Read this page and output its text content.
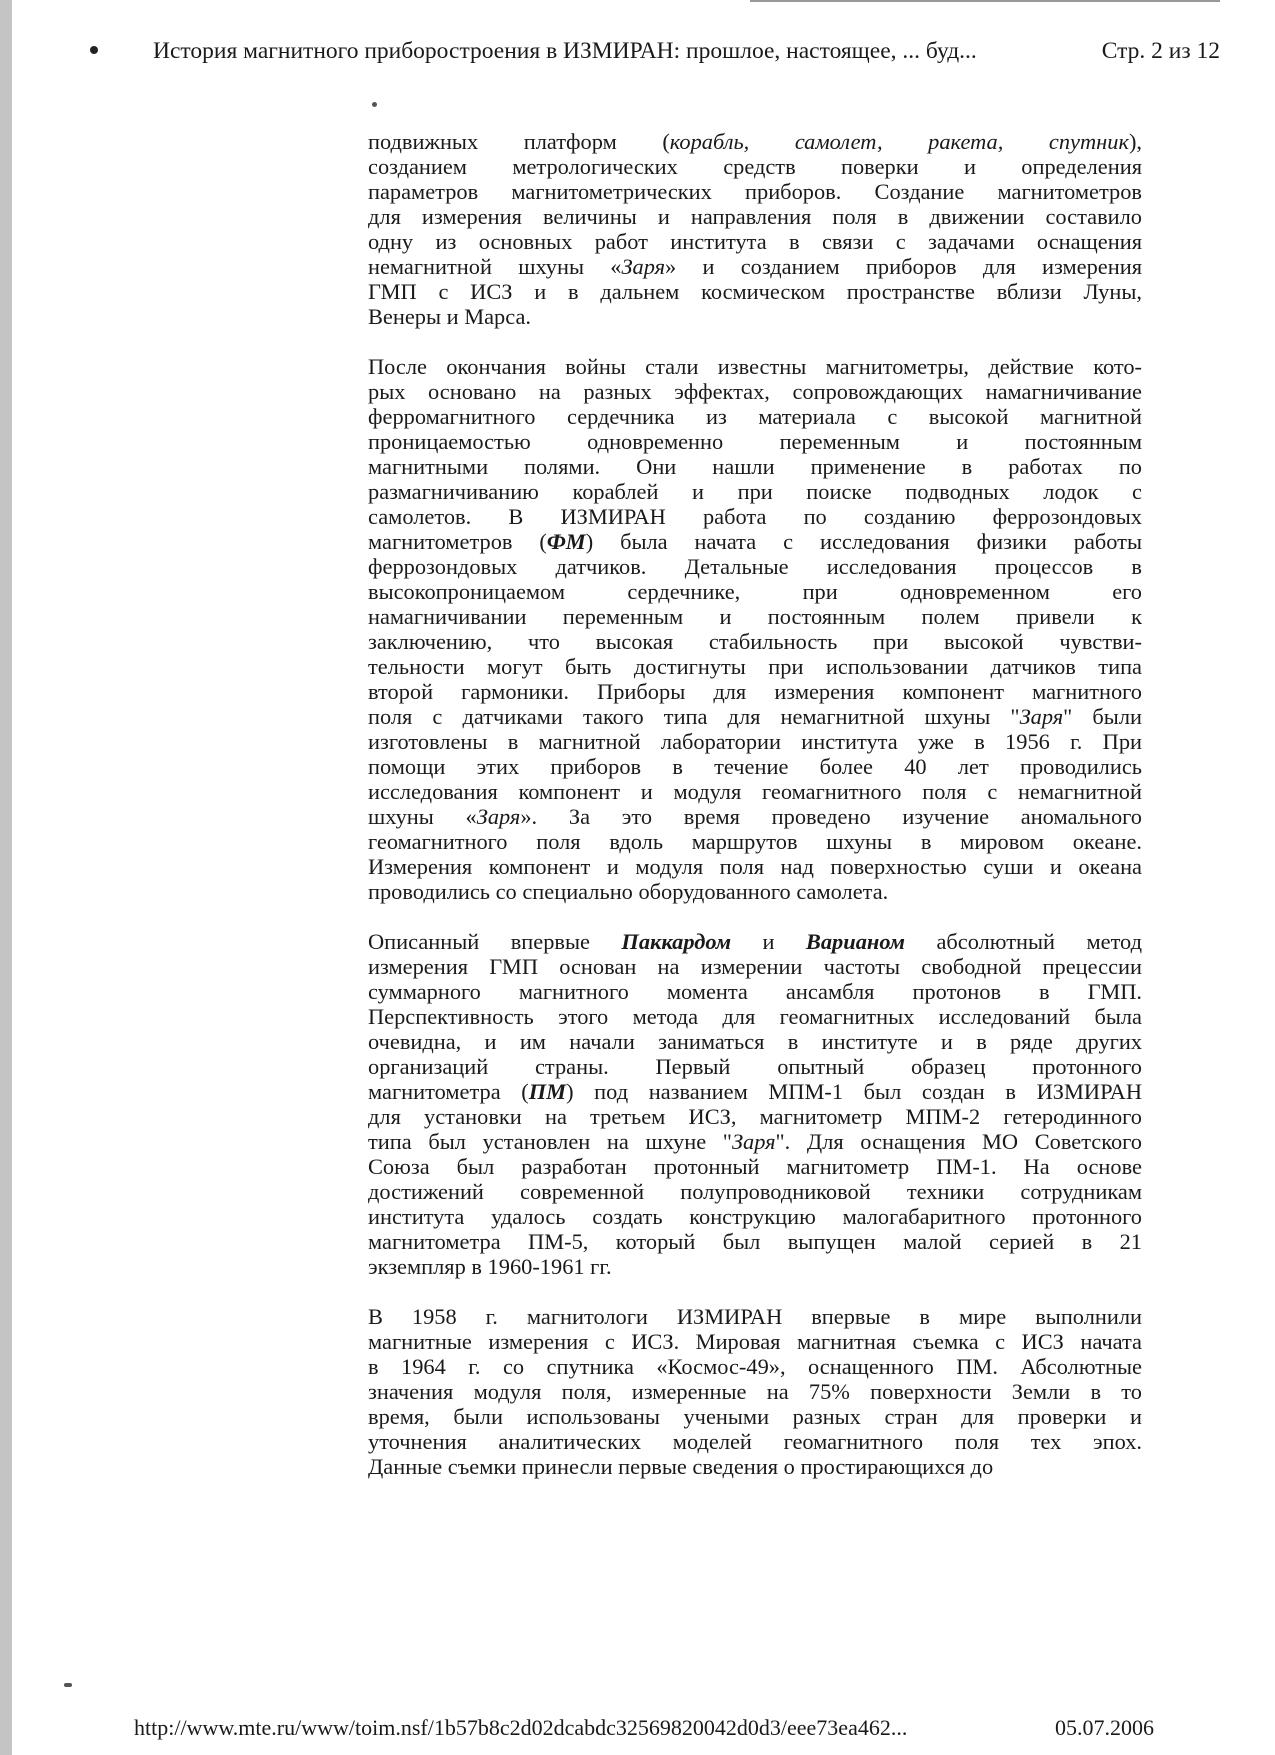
История магнитного приборостроения в ИЗМИРАН: прошлое, настоящее, ... буд...	Стр. 2 из 12
подвижных платформ (корабль, самолет, ракета, спутник),
созданием метрологических средств поверки и определения
параметров магнитометрических приборов. Создание магнитометров
для измерения величины и направления поля в движении составило
одну из основных работ института в связи с задачами оснащения
немагнитной шхуны «Заря» и созданием приборов для измерения
ГМП с ИСЗ и в дальнем космическом пространстве вблизи Луны,
Венеры и Марса.
После окончания войны стали известны магнитометры, действие кото-
рых основано на разных эффектах, сопровождающих намагничивание
ферромагнитного сердечника из материала с высокой магнитной
проницаемостью одновременно переменным и постоянным
магнитными полями. Они нашли применение в работах по
размагничиванию кораблей и при поиске подводных лодок с
самолетов. В ИЗМИРАН работа по созданию феррозондовых
магнитометров (ФМ) была начата с исследования физики работы
феррозондовых датчиков. Детальные исследования процессов в
высокопроницаемом сердечнике, при одновременном его
намагничивании переменным и постоянным полем привели к
заключению, что высокая стабильность при высокой чувстви-
тельности могут быть достигнуты при использовании датчиков типа
второй гармоники. Приборы для измерения компонент магнитного
поля с датчиками такого типа для немагнитной шхуны "Заря" были
изготовлены в магнитной лаборатории института уже в 1956 г. При
помощи этих приборов в течение более 40 лет проводились
исследования компонент и модуля геомагнитного поля с немагнитной
шхуны «Заря». За это время проведено изучение аномального
геомагнитного поля вдоль маршрутов шхуны в мировом океане.
Измерения компонент и модуля поля над поверхностью суши и океана
проводились со специально оборудованного самолета.
Описанный впервые Паккардом и Варианом абсолютный метод
измерения ГМП основан на измерении частоты свободной прецессии
суммарного магнитного момента ансамбля протонов в ГМП.
Перспективность этого метода для геомагнитных исследований была
очевидна, и им начали заниматься в институте и в ряде других
организаций страны. Первый опытный образец протонного
магнитометра (ПМ) под названием МПМ-1 был создан в ИЗМИРАН
для установки на третьем ИСЗ, магнитометр МПМ-2 гетеродинного
типа был установлен на шхуне "Заря". Для оснащения МО Советского
Союза был разработан протонный магнитометр ПМ-1. На основе
достижений современной полупроводниковой техники сотрудникам
института удалось создать конструкцию малогабаритного протонного
магнитометра ПМ-5, который был выпущен малой серией в 21
экземпляр в 1960-1961 гг.
В 1958 г. магнитологи ИЗМИРАН впервые в мире выполнили
магнитные измерения с ИСЗ. Мировая магнитная съемка с ИСЗ начата
в 1964 г. со спутника «Космос-49», оснащенного ПМ. Абсолютные
значения модуля поля, измеренные на 75% поверхности Земли в то
время, были использованы учеными разных стран для проверки и
уточнения аналитических моделей геомагнитного поля тех эпох.
Данные съемки принесли первые сведения о простирающихся до
http://www.mte.ru/www/toim.nsf/1b57b8c2d02dcabdc32569820042d0d3/eee73ea462...	05.07.2006
